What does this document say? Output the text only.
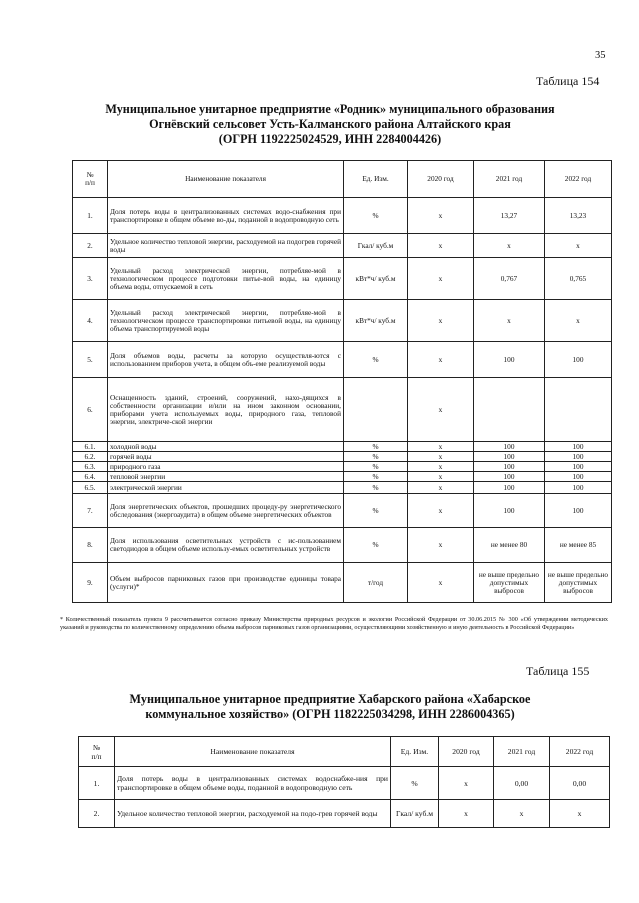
35
Таблица 154
Муниципальное унитарное предприятие «Родник» муниципального образования
Огнёвский сельсовет Усть-Калманского района Алтайского края
(ОГРН 1192225024529, ИНН 2284004426)
№
п/п	Наименование показателя	Ед. Изм.	2020 год	2021 год	2022 год
1.	Доля потерь воды в централизованных системах водо-снабжения при транспортировке в общем объеме во-ды, поданной в водопроводную сеть	%	х	13,27	13,23
2.	Удельное количество тепловой энергии, расходуемой на подогрев горячей воды	Гкал/ куб.м	х	х	х
3.	Удельный расход электрической энергии, потребляе-мой в технологическом процессе подготовки питье-вой воды, на единицу объема воды, отпускаемой в сеть	кВт*ч/ куб.м	х	0,767	0,765
4.	Удельный расход электрической энергии, потребляе-мой в технологическом процессе транспортировки питьевой воды, на единицу объема транспортируемой воды	кВт*ч/ куб.м	х	х	х
5.	Доля объемов воды, расчеты за которую осуществля-ются с использованием приборов учета, в общем объ-еме реализуемой воды	%	х	100	100
6.	Оснащенность зданий, строений, сооружений, нахо-дящихся в собственности организации и/или на ином законном основании, приборами учета используемых воды, природного газа, тепловой энергии, электриче-ской энергии		х		
6.1.	холодной воды	%	х	100	100
6.2.	горячей воды	%	х	100	100
6.3.	природного газа	%	х	100	100
6.4.	тепловой энергии	%	х	100	100
6.5.	электрической энергии	%	х	100	100
7.	Доля энергетических объектов, прошедших процеду-ру энергетического обследования (энергоаудита) в общем объеме энергетических объектов	%	х	100	100
8.	Доля использования осветительных устройств с ис-пользованием светодиодов в общем объеме использу-емых осветительных устройств	%	х	не менее 80	не менее 85
9.	Объем выбросов парниковых газов при производстве единицы товара (услуги)*	т/год	х	не выше предельно допустимых выбросов	не выше предельно допустимых выбросов
* Количественный показатель пункта 9 рассчитывается согласно приказу Министерства природных ресурсов и экологии Российской Федерации от 30.06.2015 № 300 «Об утверждении методических указаний и руководства по количественному определению объема выбросов парниковых газов организациями, осуществляющими хозяйственную и иную деятельность в Российской Федерации»
Таблица 155
Муниципальное унитарное предприятие Хабарского района «Хабарское
коммунальное хозяйство» (ОГРН 1182225034298, ИНН 2286004365)
№
п/п	Наименование показателя	Ед. Изм.	2020 год	2021 год	2022 год
1.	Доля потерь воды в централизованных системах водоснабже-ния при транспортировке в общем объеме воды, поданной в водопроводную сеть	%	х	0,00	0,00
2.	Удельное количество тепловой энергии, расходуемой на подо-грев горячей воды	Гкал/ куб.м	х	х	х
